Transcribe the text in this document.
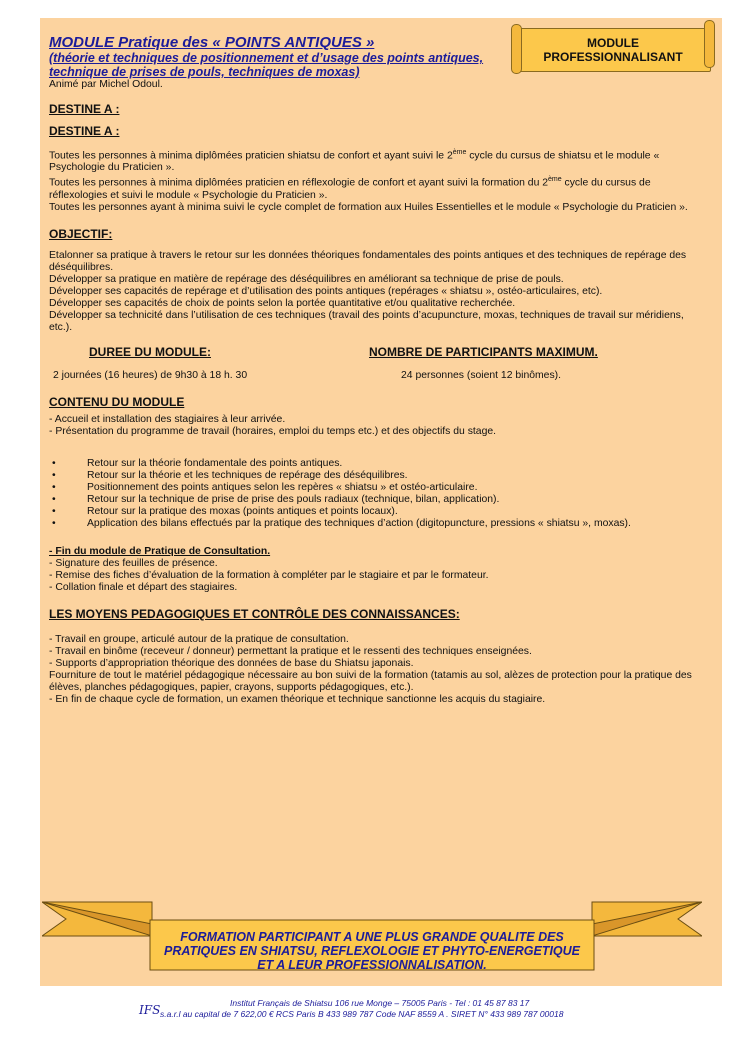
MODULE
PROFESSIONNALISANT
MODULE Pratique des « POINTS ANTIQUES »
(théorie et techniques de positionnement et d’usage des points antiques, technique de prises de pouls, techniques de moxas)
Animé par Michel Odoul.
DESTINE A :
DESTINE A :

Toutes les personnes à minima diplômées praticien shiatsu de confort et ayant suivi le 2ème cycle du cursus de shiatsu et le module « Psychologie du Praticien ».

Toutes les personnes à minima diplômées praticien en réflexologie de confort et ayant suivi la formation du 2ème cycle du cursus de réflexologies et suivi le module « Psychologie du Praticien ».

Toutes les personnes ayant à minima suivi le cycle complet de formation aux Huiles Essentielles et le module « Psychologie du Praticien ».

OBJECTIF:

Etalonner sa pratique à travers le retour sur les données théoriques fondamentales des points antiques et des techniques de repérage des déséquilibres.

Développer sa pratique en matière de repérage des déséquilibres en améliorant sa technique de prise de pouls.

Développer ses capacités de repérage et d’utilisation des points antiques (repérages « shiatsu », ostéo-articulaires, etc).

Développer ses capacités de choix de points selon la portée quantitative et/ou qualitative recherchée.

Développer sa technicité dans l’utilisation de ces techniques (travail des points d’acupuncture, moxas, techniques de travail sur méridiens, etc.).

DUREE DU MODULE:
2 journées (16 heures) de 9h30 à 18 h. 30
NOMBRE DE PARTICIPANTS MAXIMUM.
24 personnes (soient 12 binômes).
CONTENU DU MODULE

- Accueil et installation des stagiaires à leur arrivée.

- Présentation du programme de travail (horaires, emploi du temps etc.) et des objectifs du stage.

•	Retour sur la théorie fondamentale des points antiques.

•	Retour sur la théorie et les techniques de repérage des déséquilibres.

•	Positionnement des points antiques selon les repères « shiatsu » et ostéo-articulaire.

•	Retour sur la technique de prise de prise des pouls radiaux (technique, bilan, application).

•	Retour sur la pratique des moxas (points antiques et points locaux).

•	Application des bilans effectués par la pratique des techniques d’action (digitopuncture, pressions « shiatsu », moxas).

- Fin du module de Pratique de Consultation.

- Signature des feuilles de présence.

- Remise des fiches d’évaluation de la formation à compléter par le stagiaire et par le formateur.

- Collation finale et départ des stagiaires.

LES MOYENS PEDAGOGIQUES ET CONTRÔLE DES CONNAISSANCES:

- Travail en groupe, articulé autour de la pratique de consultation.

- Travail en binôme (receveur / donneur) permettant la pratique et le ressenti des techniques enseignées.

- Supports d’appropriation théorique des données de base du Shiatsu japonais.

Fourniture de tout le matériel pédagogique nécessaire au bon suivi de la formation (tatamis au sol, alèzes de protection pour la pratique des élèves, planches pédagogiques, papier, crayons, supports pédagogiques, etc.).

- En fin de chaque cycle de formation, un examen théorique et technique sanctionne les acquis du stagiaire.

FORMATION PARTICIPANT A UNE PLUS GRANDE QUALITE DES
PRATIQUES EN SHIATSU, REFLEXOLOGIE ET PHYTO-ENERGETIQUE
ET A LEUR PROFESSIONNALISATION.
IFS	Institut Français de Shiatsu 106 rue Monge – 75005 Paris - Tel : 01 45 87 83 17
s.a.r.l au capital de 7 622,00 € RCS Paris B 433 989 787 Code NAF 8559 A . SIRET N° 433 989 787 00018
